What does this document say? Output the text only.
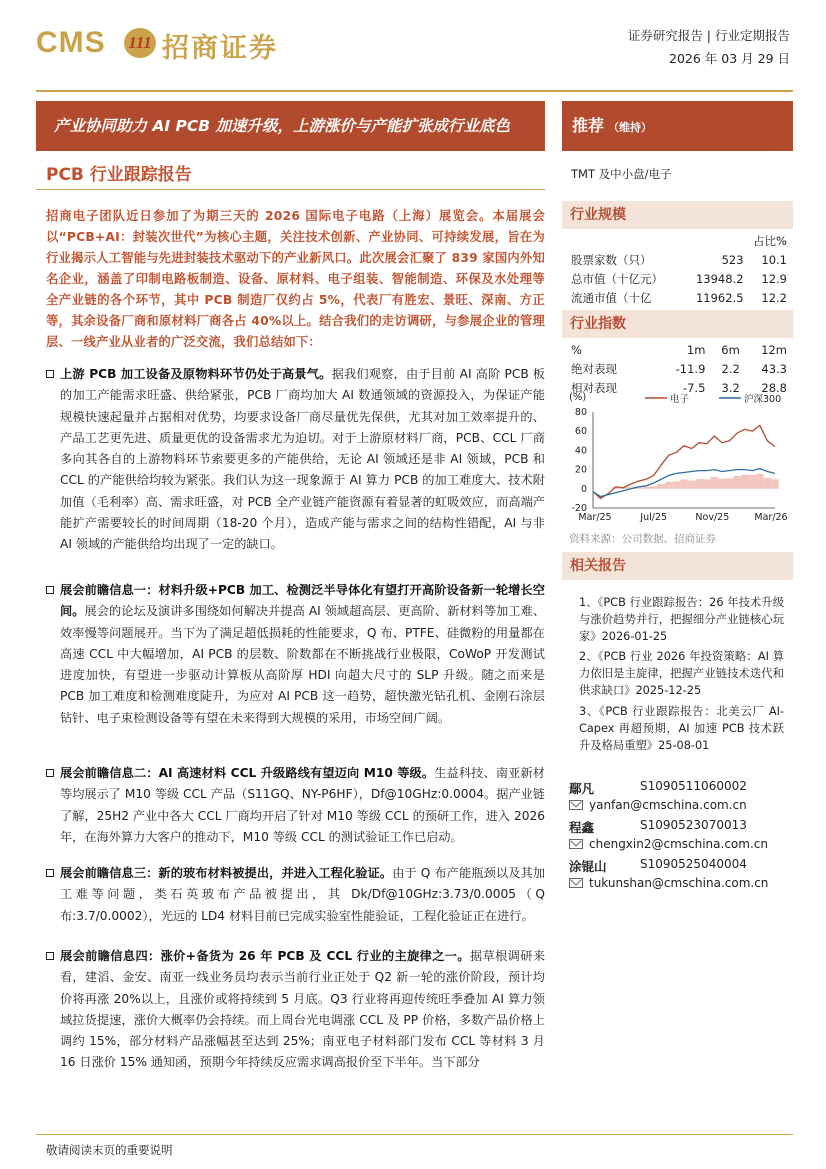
CMS 111 招商证券	证券研究报告 | 行业定期报告
2026 年 03 月 29 日
产业协同助力 AI PCB 加速升级，上游涨价与产能扩张成行业底色	推荐 （维持）
PCB 行业跟踪报告	TMT 及中小盘/电子
招商电子团队近日参加了为期三天的 2026 国际电子电路（上海）展览会。本届展会以“PCB+AI：封装次世代”为核心主题，关注技术创新、产业协同、可持续发展，旨在为行业揭示人工智能与先进封装技术驱动下的产业新风口。此次展会汇聚了 839 家国内外知名企业，涵盖了印制电路板制造、设备、原材料、电子组装、智能制造、环保及水处理等全产业链的各个环节，其中 PCB 制造厂仅约占 5%，代表厂有胜宏、景旺、深南、方正等，其余设备厂商和原材料厂商各占 40%以上。结合我们的走访调研，与参展企业的管理层、一线产业从业者的广泛交流，我们总结如下：
上游 PCB 加工设备及原物料环节仍处于高景气。据我们观察，由于目前 AI 高阶 PCB 板的加工产能需求旺盛、供给紧张，PCB 厂商均加大 AI 数通领域的资源投入，为保证产能规模快速起量并占据相对优势，均要求设备厂商尽量优先保供，尤其对加工效率提升的、产品工艺更先进、质量更优的设备需求尤为迫切。对于上游原材料厂商，PCB、CCL 厂商多向其各自的上游物料环节索要更多的产能供给，无论 AI 领域还是非 AI 领域，PCB 和 CCL 的产能供给均较为紧张。我们认为这一现象源于 AI 算力 PCB 的加工难度大、技术附加值（毛利率）高、需求旺盛，对 PCB 全产业链产能资源有着显著的虹吸效应，而高端产能扩产需要较长的时间周期（18-20 个月），造成产能与需求之间的结构性错配，AI 与非 AI 领域的产能供给均出现了一定的缺口。
展会前瞻信息一：材料升级+PCB 加工、检测泛半导体化有望打开高阶设备新一轮增长空间。展会的论坛及演讲多围绕如何解决并提高 AI 领域超高层、更高阶、新材料等加工难、效率慢等问题展开。当下为了满足超低损耗的性能要求，Q 布、PTFE、硅微粉的用量都在高速 CCL 中大幅增加，AI PCB 的层数、阶数都在不断挑战行业极限，CoWoP 开发测试进度加快，有望进一步驱动计算板从高阶厚 HDI 向超大尺寸的 SLP 升级。随之而来是 PCB 加工难度和检测难度陡升，为应对 AI PCB 这一趋势，超快激光钻孔机、金刚石涂层钻针、电子束检测设备等有望在未来得到大规模的采用，市场空间广阔。
展会前瞻信息二：AI 高速材料 CCL 升级路线有望迈向 M10 等级。生益科技、南亚新材等均展示了 M10 等级 CCL 产品（S11GQ、NY-P6HF），Df@10GHz:0.0004。据产业链了解，25H2 产业中各大 CCL 厂商均开启了针对 M10 等级 CCL 的预研工作，进入 2026 年，在海外算力大客户的推动下，M10 等级 CCL 的测试验证工作已启动。
展会前瞻信息三：新的玻布材料被提出，并进入工程化验证。由于 Q 布产能瓶颈以及其加工难等问题，类石英玻布产品被提出，其 Dk/Df@10GHz:3.73/0.0005（Q 布:3.7/0.0002），光远的 LD4 材料目前已完成实验室性能验证，工程化验证正在进行。
展会前瞻信息四：涨价+备货为 26 年 PCB 及 CCL 行业的主旋律之一。据草根调研来看，建滔、金安、南亚一线业务员均表示当前行业正处于 Q2 新一轮的涨价阶段，预计均价将再涨 20%以上，且涨价或将持续到 5 月底。Q3 行业将再迎传统旺季叠加 AI 算力领域拉货提速，涨价大概率仍会持续。而上周台光电调涨 CCL 及 PP 价格，多数产品价格上调约 15%，部分材料产品涨幅甚至达到 25%；南亚电子材料部门发布 CCL 等材料 3 月 16 日涨价 15% 通知函，预期今年持续反应需求调高报价至下半年。当下部分
行业规模
		占比%
股票家数（只）	523	10.1
总市值（十亿元）	13948.2	12.9
流通市值（十亿	11962.5	12.2
行业指数
%	1m	6m	12m
绝对表现	-11.9	2.2	43.3
相对表现	-7.5	3.2	28.8
(%)	电子	沪深300
80
60
40
20
0
-20
Mar/25	Jul/25	Nov/25	Mar/26
资料来源：公司数据、招商证券
相关报告
1、《PCB 行业跟踪报告：26 年技术升级与涨价趋势并行，把握细分产业链核心玩家》2026-01-25
2、《PCB 行业 2026 年投资策略：AI 算力依旧是主旋律，把握产业链技术迭代和供求缺口》2025-12-25
3、《PCB 行业跟踪报告：北美云厂 AI-Capex 再超预期，AI 加速 PCB 技术跃升及格局重塑》25-08-01
鄢凡	S1090511060002
yanfan@cmschina.com.cn
程鑫	S1090523070013
chengxin2@cmschina.com.cn
涂锟山	S1090525040004
tukunshan@cmschina.com.cn
敬请阅读末页的重要说明
